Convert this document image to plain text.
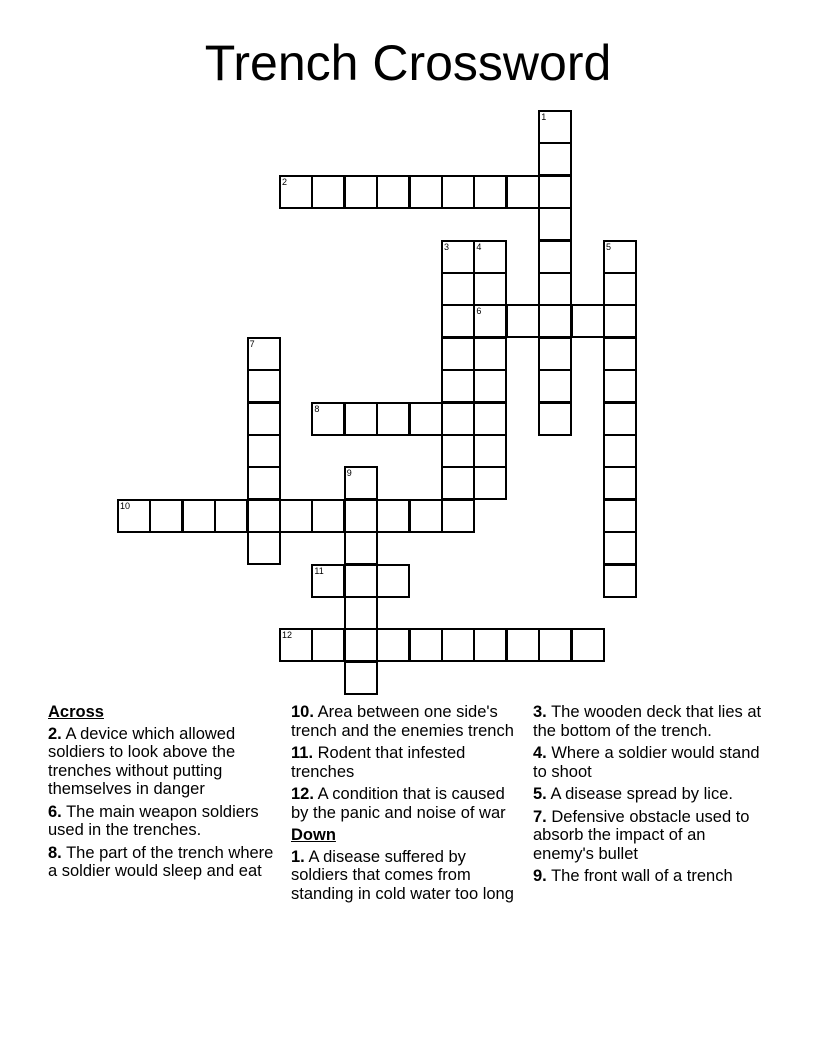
Trench Crossword
1
2
3	4
6
5
7
8
9
10
11
12
Across
2. A device which allowed soldiers to look above the trenches without putting themselves in danger
6. The main weapon soldiers used in the trenches.
8. The part of the trench where a soldier would sleep and eat
10. Area between one side's trench and the enemies trench
11. Rodent that infested trenches
12. A condition that is caused by the panic and noise of war
Down
1. A disease suffered by soldiers that comes from standing in cold water too long
3. The wooden deck that lies at the bottom of the trench.
4. Where a soldier would stand to shoot
5. A disease spread by lice.
7. Defensive obstacle used to absorb the impact of an enemy's bullet
9. The front wall of a trench
